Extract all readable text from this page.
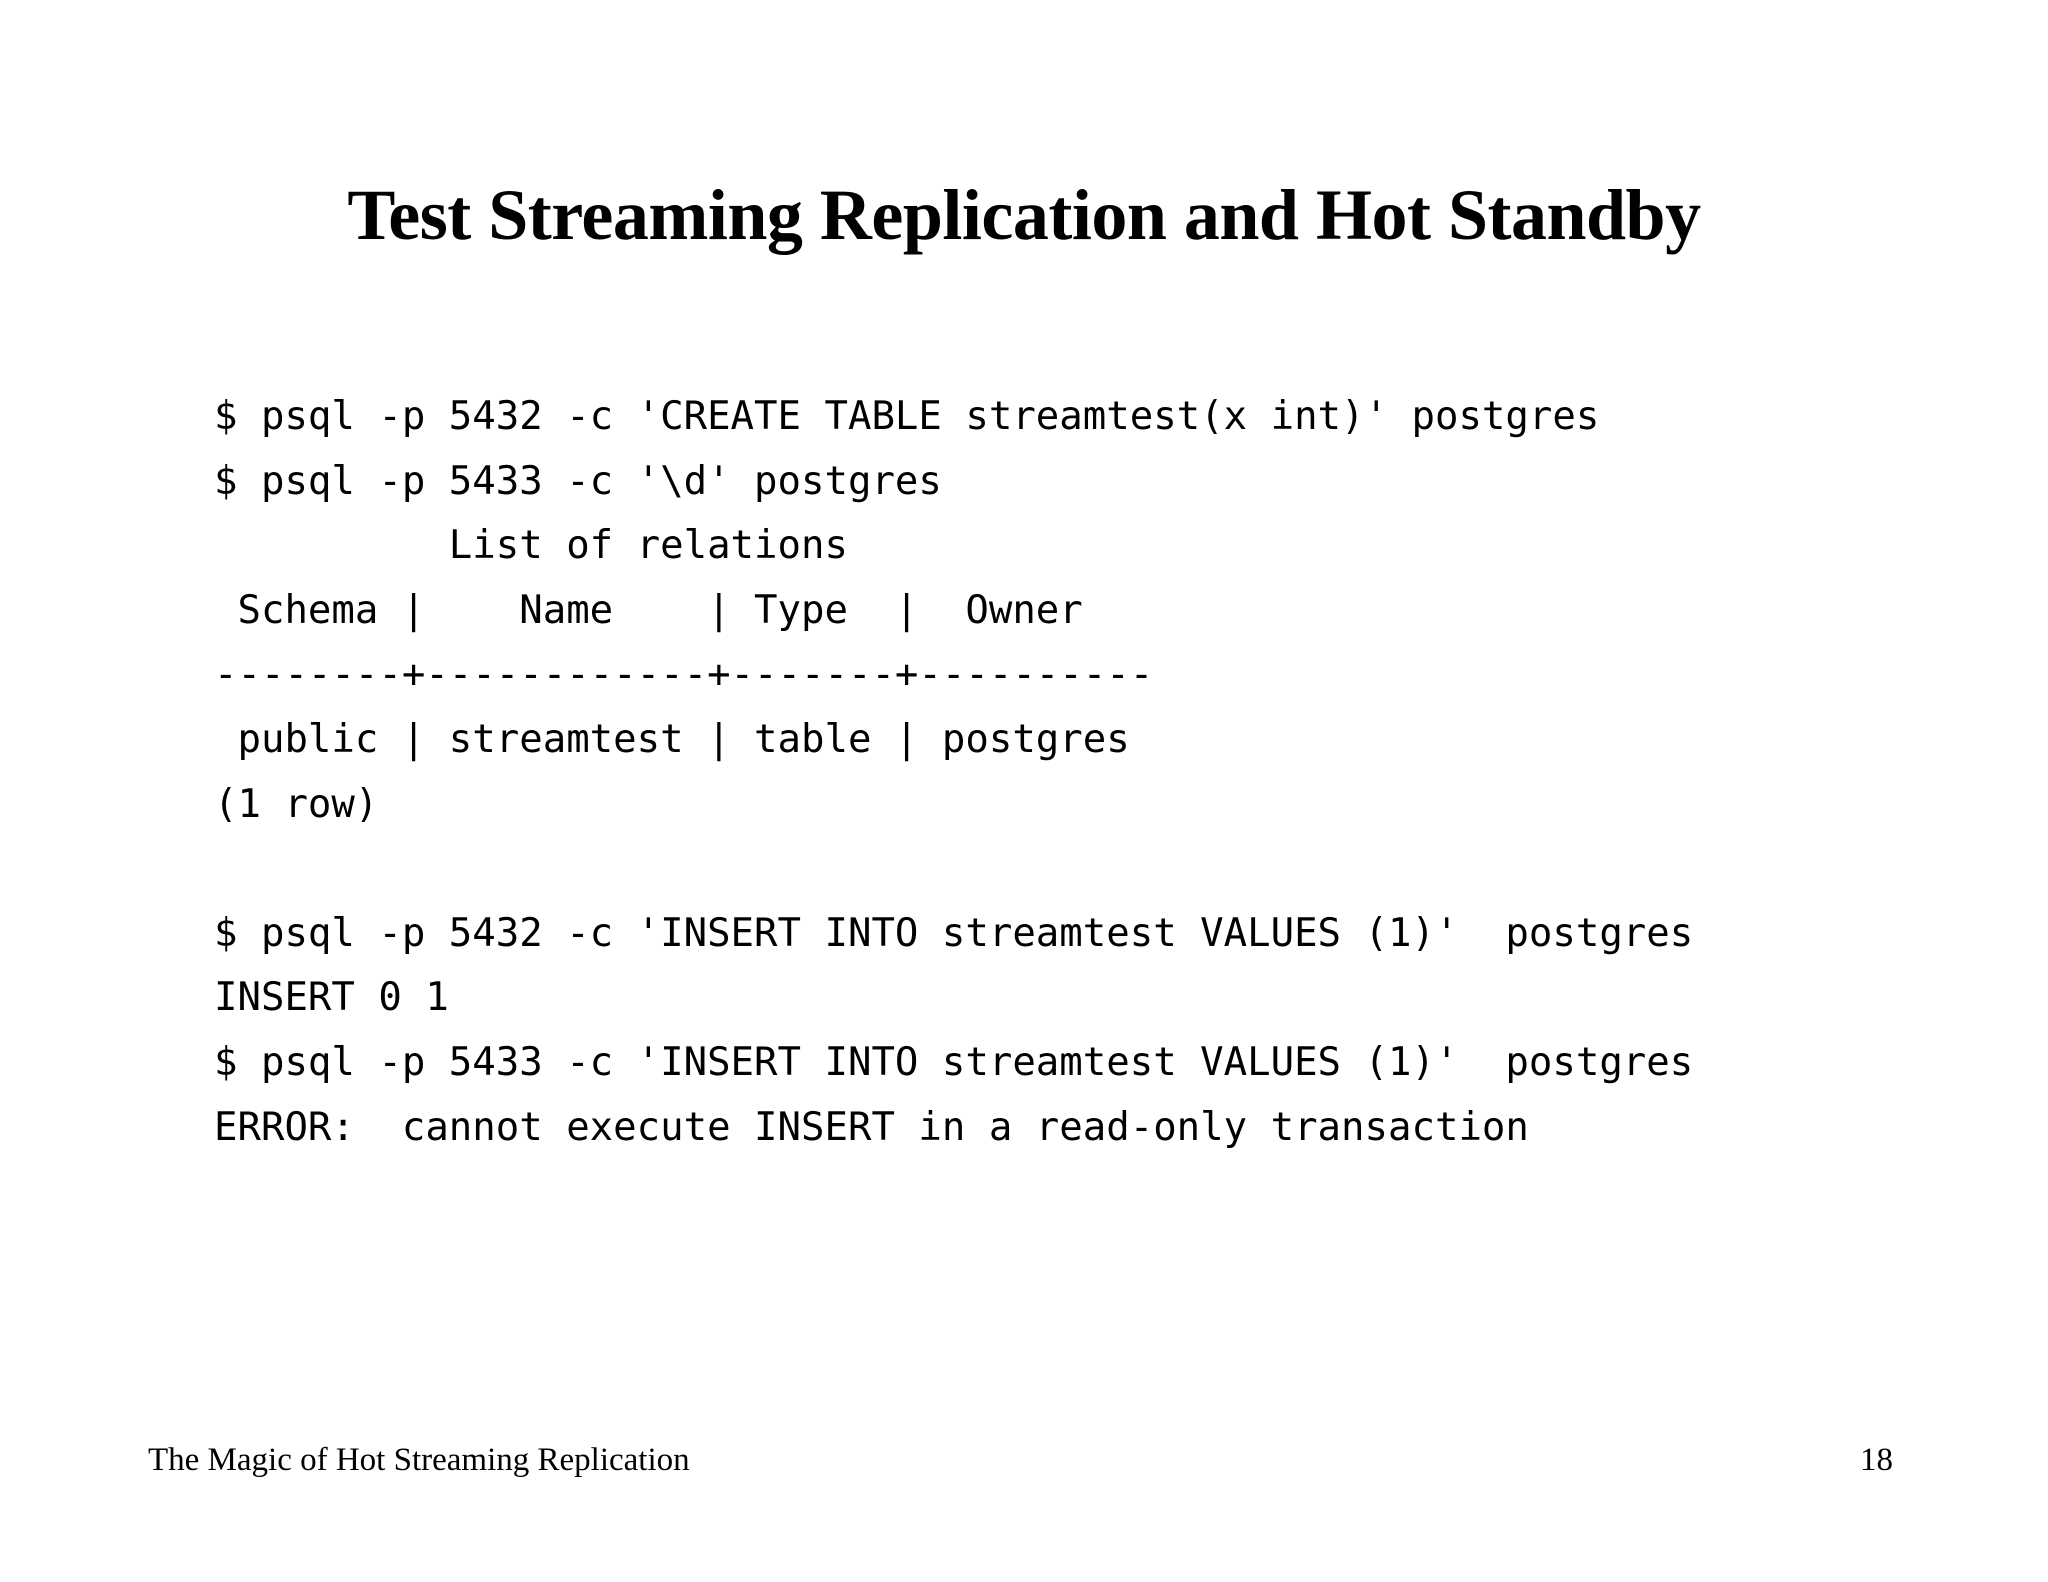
Test Streaming Replication and Hot Standby
$ psql -p 5432 -c 'CREATE TABLE streamtest(x int)' postgres
$ psql -p 5433 -c '\d' postgres
List of relations
Schema |    Name    | Type  |  Owner
--------+------------+-------+----------
public | streamtest | table | postgres
(1 row)
$ psql -p 5432 -c 'INSERT INTO streamtest VALUES (1)'  postgres
INSERT 0 1
$ psql -p 5433 -c 'INSERT INTO streamtest VALUES (1)'  postgres
ERROR:  cannot execute INSERT in a read-only transaction
The Magic of Hot Streaming Replication	18
